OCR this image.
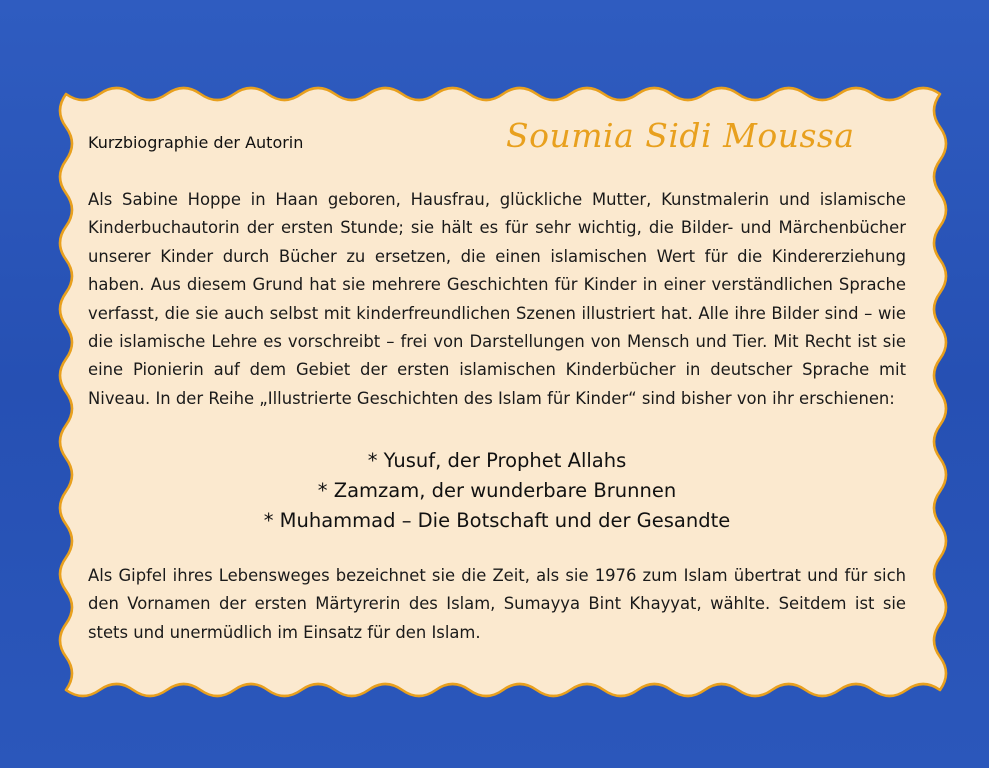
Kurzbiographie der Autorin	Soumia Sidi Moussa
Als Sabine Hoppe in Haan geboren, Hausfrau, glückliche Mutter, Kunstmalerin und islamische Kinderbuchautorin der ersten Stunde; sie hält es für sehr wichtig, die Bilder- und Märchenbücher unserer Kinder durch Bücher zu ersetzen, die einen islamischen Wert für die Kindererziehung haben. Aus diesem Grund hat sie mehrere Geschichten für Kinder in einer verständlichen Sprache verfasst, die sie auch selbst mit kinderfreundlichen Szenen illustriert hat. Alle ihre Bilder sind – wie die islamische Lehre es vorschreibt – frei von Darstellungen von Mensch und Tier. Mit Recht ist sie eine Pionierin auf dem Gebiet der ersten islamischen Kinderbücher in deutscher Sprache mit Niveau. In der Reihe „Illustrierte Geschichten des Islam für Kinder“ sind bisher von ihr erschienen:
* Yusuf, der Prophet Allahs
* Zamzam, der wunderbare Brunnen
* Muhammad – Die Botschaft und der Gesandte
Als Gipfel ihres Lebensweges bezeichnet sie die Zeit, als sie 1976 zum Islam übertrat und für sich den Vornamen der ersten Märtyrerin des Islam, Sumayya Bint Khayyat, wählte. Seitdem ist sie stets und unermüdlich im Einsatz für den Islam.
